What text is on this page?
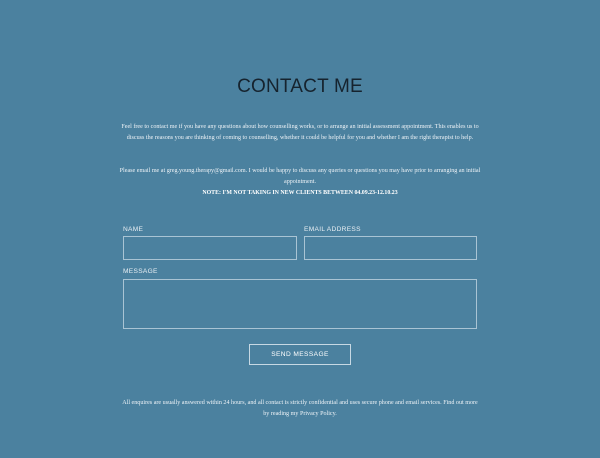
CONTACT ME

Feel free to contact me if you have any questions about how counselling works, or to arrange an initial assessment appointment. This enables us to discuss the reasons you are thinking of coming to counselling, whether it could be helpful for you and whether I am the right therapist to help.

Please email me at greg.young.therapy@gmail.com. I would be happy to discuss any queries or questions you may have prior to arranging an initial appointment.

NOTE: I'M NOT TAKING IN NEW CLIENTS BETWEEN 04.09.23-12.10.23

NAME	EMAIL ADDRESS
MESSAGE
SEND MESSAGE

All enquires are usually answered within 24 hours, and all contact is strictly confidential and uses secure phone and email services. Find out more by reading my Privacy Policy.
